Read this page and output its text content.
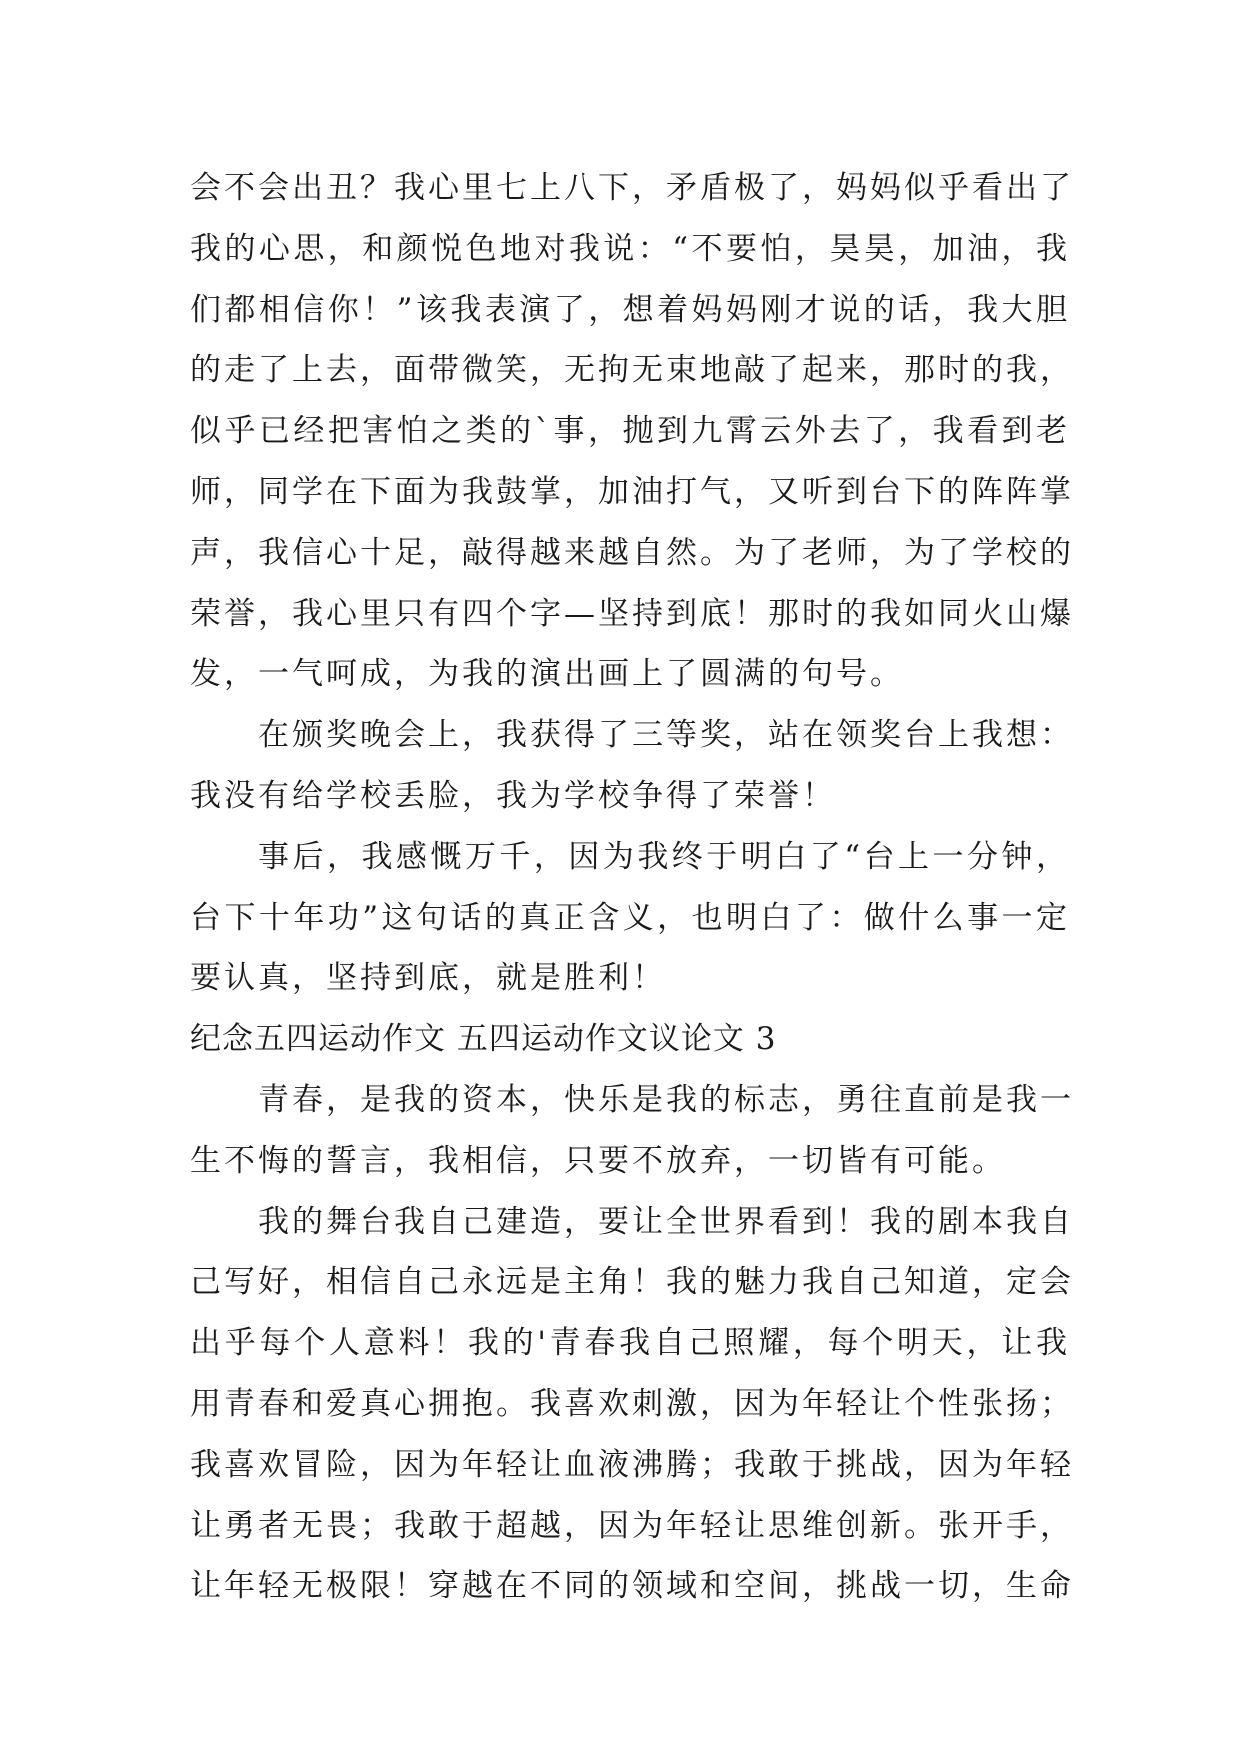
会不会出丑？我心里七上八下，矛盾极了，妈妈似乎看出了
我的心思，和颜悦色地对我说：“不要怕，昊昊，加油，我
们都相信你！”该我表演了，想着妈妈刚才说的话，我大胆
的走了上去，面带微笑，无拘无束地敲了起来，那时的我，
似乎已经把害怕之类的`事，抛到九霄云外去了，我看到老
师，同学在下面为我鼓掌，加油打气，又听到台下的阵阵掌
声，我信心十足，敲得越来越自然。为了老师，为了学校的
荣誉，我心里只有四个字—坚持到底！那时的我如同火山爆
发，一气呵成，为我的演出画上了圆满的句号。
在颁奖晚会上，我获得了三等奖，站在领奖台上我想：
我没有给学校丢脸，我为学校争得了荣誉！
事后，我感慨万千，因为我终于明白了“台上一分钟，
台下十年功”这句话的真正含义，也明白了：做什么事一定
要认真，坚持到底，就是胜利！
纪念五四运动作文 五四运动作文议论文 3
青春，是我的资本，快乐是我的标志，勇往直前是我一
生不悔的誓言，我相信，只要不放弃，一切皆有可能。
我的舞台我自己建造，要让全世界看到！我的剧本我自
己写好，相信自己永远是主角！我的魅力我自己知道，定会
出乎每个人意料！我的'青春我自己照耀，每个明天，让我
用青春和爱真心拥抱。我喜欢刺激，因为年轻让个性张扬；
我喜欢冒险，因为年轻让血液沸腾；我敢于挑战，因为年轻
让勇者无畏；我敢于超越，因为年轻让思维创新。张开手，
让年轻无极限！穿越在不同的领域和空间，挑战一切，生命
